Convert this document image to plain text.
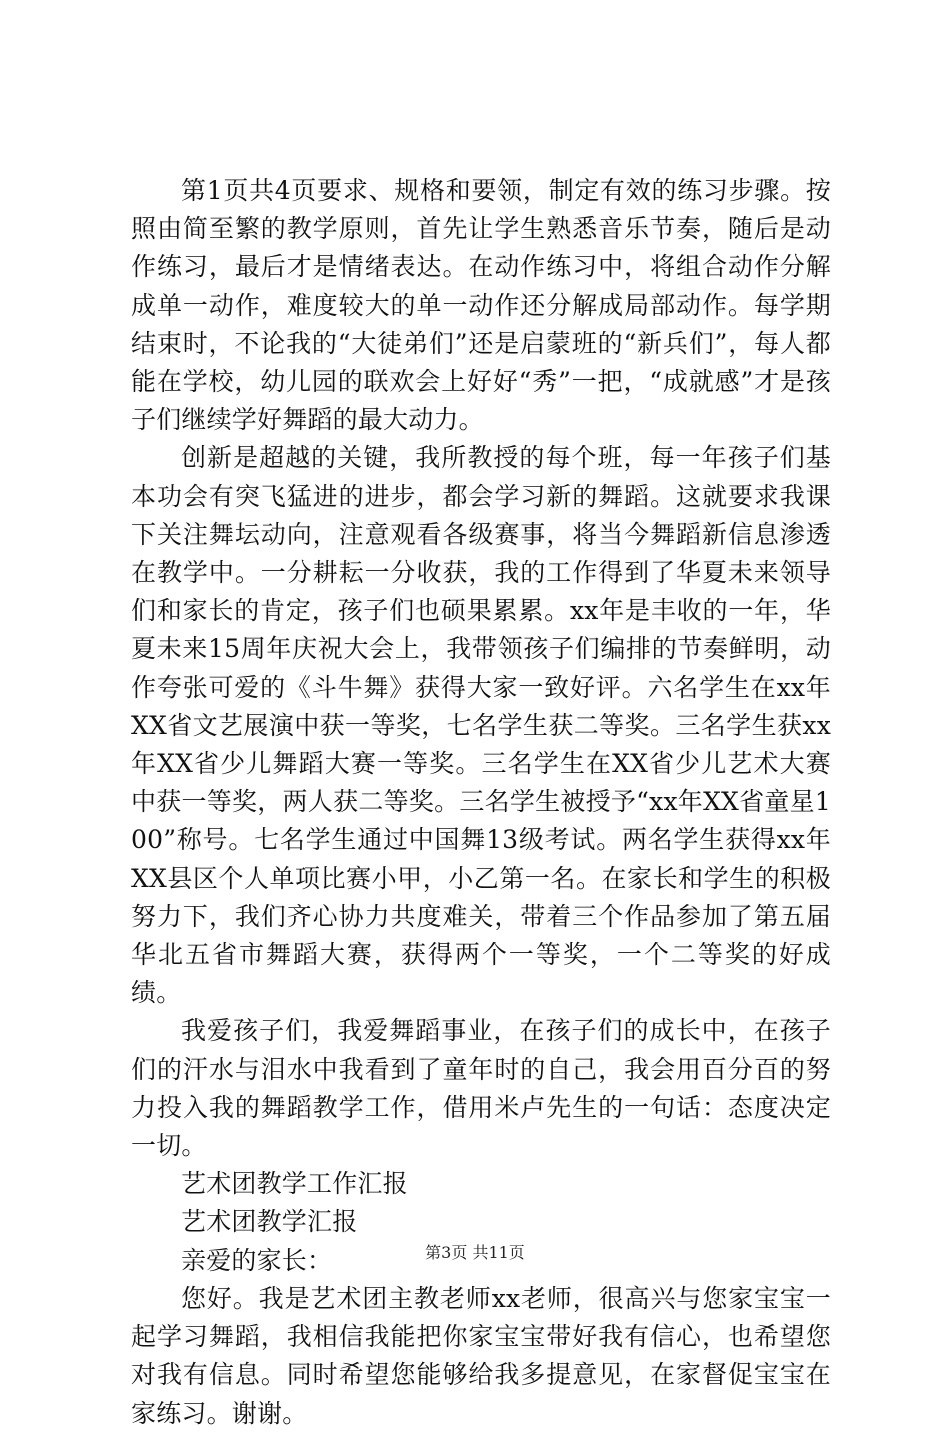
第1页共4页要求、规格和要领，制定有效的练习步骤。按照由简至繁的教学原则，首先让学生熟悉音乐节奏，随后是动作练习，最后才是情绪表达。在动作练习中，将组合动作分解成单一动作，难度较大的单一动作还分解成局部动作。每学期结束时，不论我的“大徒弟们”还是启蒙班的“新兵们”，每人都能在学校，幼儿园的联欢会上好好“秀”一把，“成就感”才是孩子们继续学好舞蹈的最大动力。

创新是超越的关键，我所教授的每个班，每一年孩子们基本功会有突飞猛进的进步，都会学习新的舞蹈。这就要求我课下关注舞坛动向，注意观看各级赛事，将当今舞蹈新信息渗透在教学中。一分耕耘一分收获，我的工作得到了华夏未来领导们和家长的肯定，孩子们也硕果累累。xx年是丰收的一年，华夏未来15周年庆祝大会上，我带领孩子们编排的节奏鲜明，动作夸张可爱的《斗牛舞》获得大家一致好评。六名学生在xx年XX省文艺展演中获一等奖，七名学生获二等奖。三名学生获xx年XX省少儿舞蹈大赛一等奖。三名学生在XX省少儿艺术大赛中获一等奖，两人获二等奖。三名学生被授予“xx年XX省童星100”称号。七名学生通过中国舞13级考试。两名学生获得xx年XX县区个人单项比赛小甲，小乙第一名。在家长和学生的积极努力下，我们齐心协力共度难关，带着三个作品参加了第五届华北五省市舞蹈大赛，获得两个一等奖，一个二等奖的好成绩。

我爱孩子们，我爱舞蹈事业，在孩子们的成长中，在孩子们的汗水与泪水中我看到了童年时的自己，我会用百分百的努力投入我的舞蹈教学工作，借用米卢先生的一句话：态度决定一切。

艺术团教学工作汇报

艺术团教学汇报

亲爱的家长：

您好。我是艺术团主教老师xx老师，很高兴与您家宝宝一起学习舞蹈，我相信我能把你家宝宝带好我有信心，也希望您对我有信息。同时希望您能够给我多提意见，在家督促宝宝在家练习。谢谢。

第3页 共11页
